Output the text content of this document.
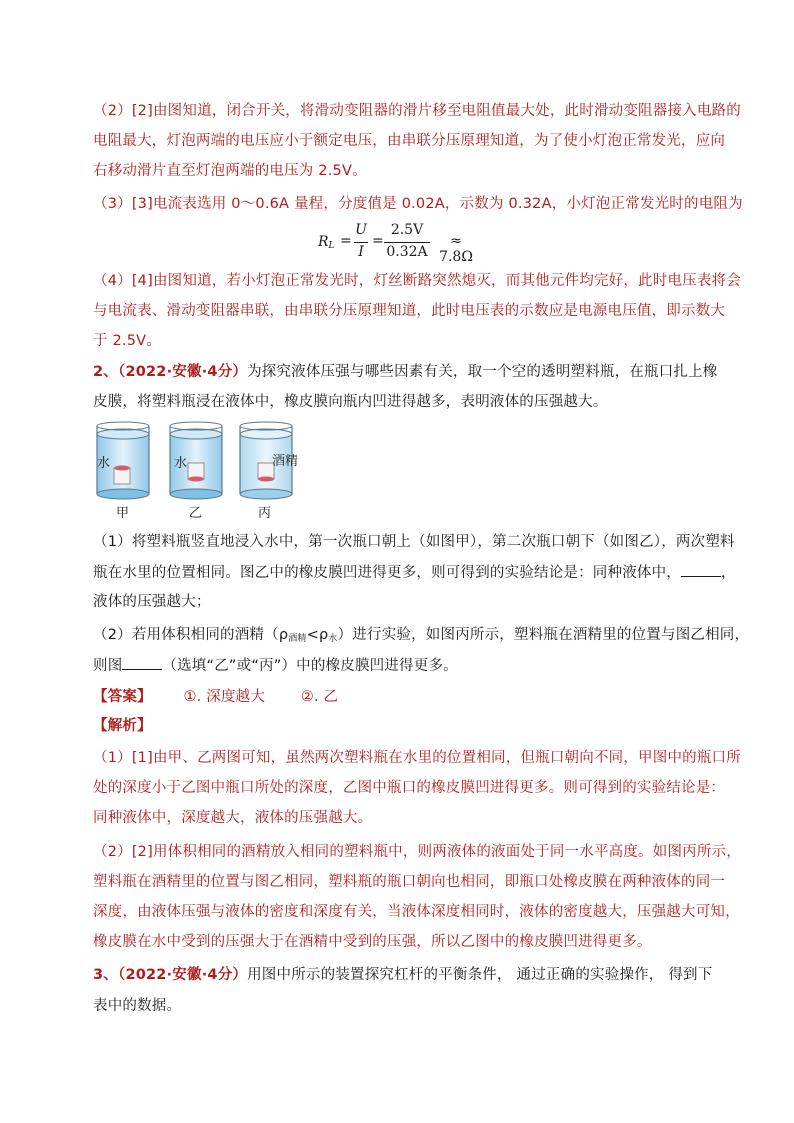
（2）[2]由图知道，闭合开关，将滑动变阻器的滑片移至电阻值最大处，此时滑动变阻器接入电路的
电阻最大，灯泡两端的电压应小于额定电压，由串联分压原理知道，为了使小灯泡正常发光，应向
右移动滑片直至灯泡两端的电压为 2.5V。
（3）[3]电流表选用 0～0.6A 量程，分度值是 0.02A，示数为 0.32A，小灯泡正常发光时的电阻为
$R_L$ =
U
I
=
2.5V
0.32A
≈ 7.8Ω
（4）[4]由图知道，若小灯泡正常发光时，灯丝断路突然熄灭，而其他元件均完好，此时电压表将会
与电流表、滑动变阻器串联，由串联分压原理知道，此时电压表的示数应是电源电压值，即示数大
于 2.5V。
2、（2022·安徽·4分）为探究液体压强与哪些因素有关，取一个空的透明塑料瓶，在瓶口扎上橡
皮膜，将塑料瓶浸在液体中，橡皮膜向瓶内凹进得越多，表明液体的压强越大。
水	水	酒精
甲	乙	丙
（1）将塑料瓶竖直地浸入水中，第一次瓶口朝上（如图甲），第二次瓶口朝下（如图乙），两次塑料
瓶在水里的位置相同。图乙中的橡皮膜凹进得更多，则可得到的实验结论是：同种液体中，	，
液体的压强越大；
（2）若用体积相同的酒精$(\rho_{酒精}<\rho_水)$进行实验，如图丙所示，塑料瓶在酒精里的位置与图乙相同，
则图	（选填“乙”或“丙”）中的橡皮膜凹进得更多。
【答案】 ①. 深度越大 ②. 乙
【解析】
（1）[1]由甲、乙两图可知，虽然两次塑料瓶在水里的位置相同，但瓶口朝向不同，甲图中的瓶口所
处的深度小于乙图中瓶口所处的深度，乙图中瓶口的橡皮膜凹进得更多。则可得到的实验结论是：
同种液体中，深度越大，液体的压强越大。
（2）[2]用体积相同的酒精放入相同的塑料瓶中，则两液体的液面处于同一水平高度。如图丙所示，
塑料瓶在酒精里的位置与图乙相同，塑料瓶的瓶口朝向也相同，即瓶口处橡皮膜在两种液体的同一
深度，由液体压强与液体的密度和深度有关，当液体深度相同时，液体的密度越大，压强越大可知，
橡皮膜在水中受到的压强大于在酒精中受到的压强，所以乙图中的橡皮膜凹进得更多。
3、（2022·安徽·4分）用图中所示的装置探究杠杆的平衡条件， 通过正确的实验操作， 得到下
表中的数据。
